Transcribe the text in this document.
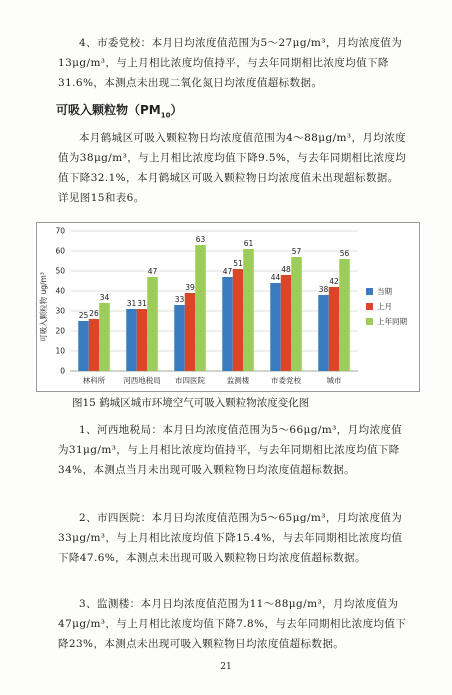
4、市委党校：本月日均浓度值范围为5～27μg/m³，月均浓度值为13μg/m³，与上月相比浓度均值持平，与去年同期相比浓度均值下降31.6%，本测点未出现二氧化氮日均浓度值超标数据。

可吸入颗粒物$(PM_{10})$

本月鹤城区可吸入颗粒物日均浓度值范围为4～88μg/m³，月均浓度值为38μg/m³，与上月相比浓度均值下降9.5%，与去年同期相比浓度均值下降32.1%，本月鹤城区可吸入颗粒物日均浓度值未出现超标数据。详见图15和表6。

0
10
20
30
40
50
60
70
25 26
34
31 31
47
33
39
63
47
51
61
44
48
57
38
42
56
林科所 河西地税局 市四医院	监测楼	市委党校	城市
可吸入颗粒物 ug/m³	当期
上月
上年同期
图15 鹤城区城市环境空气可吸入颗粒物浓度变化图

1、河西地税局：本月日均浓度值范围为5～66μg/m³，月均浓度值为31μg/m³，与上月相比浓度均值持平，与去年同期相比浓度均值下降34%，本测点当月未出现可吸入颗粒物日均浓度值超标数据。

2、市四医院：本月日均浓度值范围为5～65μg/m³，月均浓度值为33μg/m³，与上月相比浓度均值下降15.4%，与去年同期相比浓度均值下降47.6%，本测点未出现可吸入颗粒物日均浓度值超标数据。

3、监测楼：本月日均浓度值范围为11～88μg/m³，月均浓度值为47μg/m³，与上月相比浓度均值下降7.8%，与去年同期相比浓度均值下降23%，本测点未出现可吸入颗粒物日均浓度值超标数据。

21
